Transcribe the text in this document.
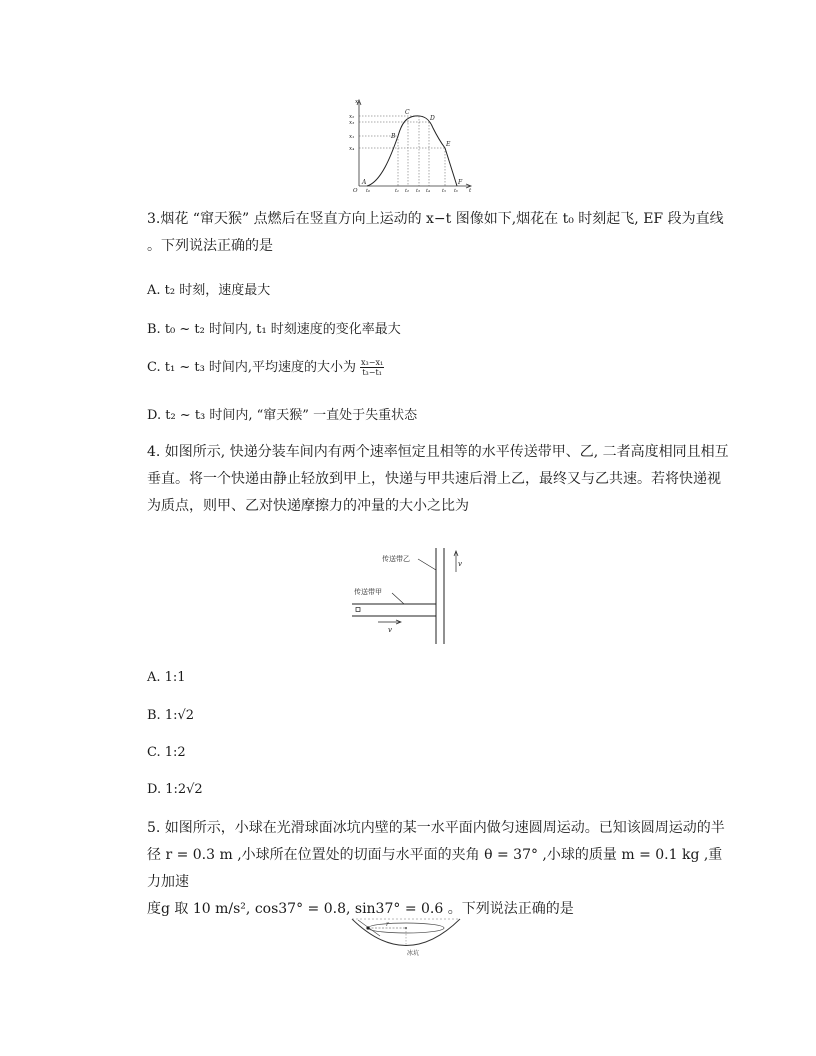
A
B
C
D
E
F
x
t
O
x₂
x₃
x₁
x₄
t₀	t₁ t₂ t₃ t₄ t₅ t₆

3.烟花 “窜天猴” 点燃后在竖直方向上运动的 x−t 图像如下,烟花在 t₀ 时刻起飞, EF 段为直线

。下列说法正确的是

A. t₂ 时刻，速度最大
B. t₀ ~ t₂ 时间内, t₁ 时刻速度的变化率最大
C. t₁ ~ t₃ 时间内,平均速度的大小为 $\frac{\text{x₃−x₁}}{\text{t₃−t₁}}$
D. t₂ ~ t₃ 时间内, “窜天猴” 一直处于失重状态

4. 如图所示, 快递分装车间内有两个速率恒定且相等的水平传送带甲、乙, 二者高度相同且相互

垂直。将一个快递由静止轻放到甲上，快递与甲共速后滑上乙，最终又与乙共速。若将快递视

为质点，则甲、乙对快递摩擦力的冲量的大小之比为

传送带乙
传送带甲
v
v
A. 1:1
B. 1:√2
C. 1:2
D. 1:2√2

5. 如图所示，小球在光滑球面冰坑内壁的某一水平面内做匀速圆周运动。已知该圆周运动的半

径 r = 0.3 m ,小球所在位置处的切面与水平面的夹角 θ = 37° ,小球的质量 m = 0.1 kg ,重力加速

度g 取 10 m/s², cos37° = 0.8, sin37° = 0.6 。下列说法正确的是

r
冰坑
